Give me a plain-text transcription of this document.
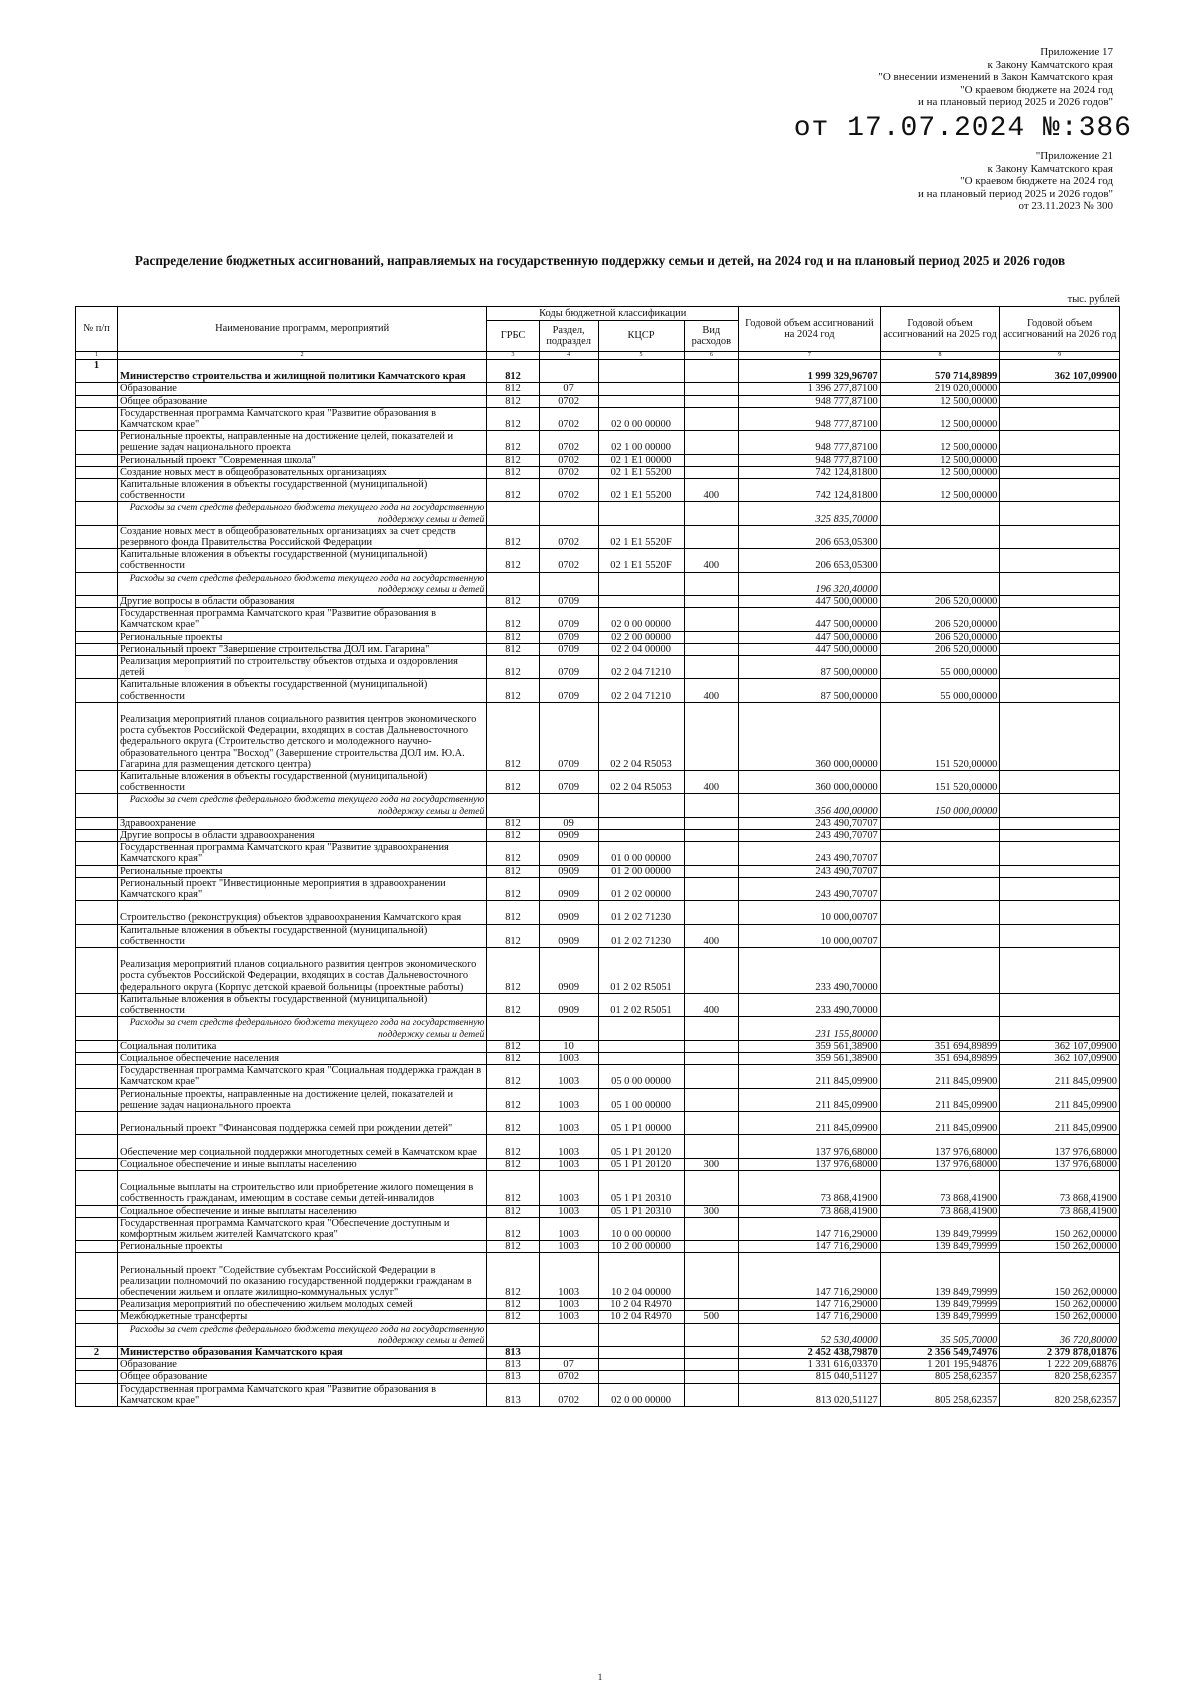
Приложение 17
к Закону Камчатского края
"О внесении изменений в Закон Камчатского края
"О краевом бюджете на 2024 год
и на плановый период 2025 и 2026 годов"
от 17.07.2024 №:386
"Приложение 21
к Закону Камчатского края
"О краевом бюджете на 2024 год
и на плановый период 2025 и 2026 годов"
от 23.11.2023 № 300
Распределение бюджетных ассигнований, направляемых на государственную поддержку семьи и детей, на 2024 год и на плановый период 2025 и 2026 годов
тыс. рублей
№ п/п	Наименование программ, мероприятий	Коды бюджетной классификации				Годовой объем ассигнований на 2024 год	Годовой объем ассигнований на 2025 год	Годовой объем ассигнований на 2026 год
		ГРБС	Раздел, подраздел	КЦСР	Вид расходов			
1	2	3	4	5	6	7	8	9
1	Министерство строительства и жилищной политики Камчатского края	812				1 999 329,96707	570 714,89899	362 107,09900
	Образование	812	07			1 396 277,87100	219 020,00000	
	Общее образование	812	0702			948 777,87100	12 500,00000	
	Государственная программа Камчатского края "Развитие образования в Камчатском крае"	812	0702	02 0 00 00000		948 777,87100	12 500,00000	
	Региональные проекты, направленные на достижение целей, показателей и решение задач национального проекта	812	0702	02 1 00 00000		948 777,87100	12 500,00000	
	Региональный проект "Современная школа"	812	0702	02 1 Е1 00000		948 777,87100	12 500,00000	
	Создание новых мест в общеобразовательных организациях	812	0702	02 1 Е1 55200		742 124,81800	12 500,00000	
	Капитальные вложения в объекты государственной (муниципальной) собственности	812	0702	02 1 Е1 55200	400	742 124,81800	12 500,00000	
	Расходы за счет средств федерального бюджета текущего года на государственную поддержку семьи и детей					325 835,70000		
	Создание новых мест в общеобразовательных организациях за счет средств резервного фонда Правительства Российской Федерации	812	0702	02 1 Е1 5520F		206 653,05300		
	Капитальные вложения в объекты государственной (муниципальной) собственности	812	0702	02 1 Е1 5520F	400	206 653,05300		
	Расходы за счет средств федерального бюджета текущего года на государственную поддержку семьи и детей					196 320,40000		
	Другие вопросы в области образования	812	0709			447 500,00000	206 520,00000	
	Государственная программа Камчатского края "Развитие образования в Камчатском крае"	812	0709	02 0 00 00000		447 500,00000	206 520,00000	
	Региональные проекты	812	0709	02 2 00 00000		447 500,00000	206 520,00000	
	Региональный проект "Завершение строительства ДОЛ им. Гагарина"	812	0709	02 2 04 00000		447 500,00000	206 520,00000	
	Реализация мероприятий по строительству объектов отдыха и оздоровления детей	812	0709	02 2 04 71210		87 500,00000	55 000,00000	
	Капитальные вложения в объекты государственной (муниципальной) собственности	812	0709	02 2 04 71210	400	87 500,00000	55 000,00000	
	Реализация мероприятий планов социального развития центров экономического роста субъектов Российской Федерации, входящих в состав Дальневосточного федерального округа (Строительство детского и молодежного научно-образовательного центра "Восход" (Завершение строительства ДОЛ им. Ю.А. Гагарина для размещения детского центра)	812	0709	02 2 04 R5053		360 000,00000	151 520,00000	
	Капитальные вложения в объекты государственной (муниципальной) собственности	812	0709	02 2 04 R5053	400	360 000,00000	151 520,00000	
	Расходы за счет средств федерального бюджета текущего года на государственную поддержку семьи и детей					356 400,00000	150 000,00000	
	Здравоохранение	812	09			243 490,70707		
	Другие вопросы в области здравоохранения	812	0909			243 490,70707		
	Государственная программа Камчатского края "Развитие здравоохранения Камчатского края"	812	0909	01 0 00 00000		243 490,70707		
	Региональные проекты	812	0909	01 2 00 00000		243 490,70707		
	Региональный проект "Инвестиционные мероприятия в здравоохранении Камчатского края"	812	0909	01 2 02 00000		243 490,70707		
	Строительство (реконструкция) объектов здравоохранения Камчатского края	812	0909	01 2 02 71230		10 000,00707		
	Капитальные вложения в объекты государственной (муниципальной) собственности	812	0909	01 2 02 71230	400	10 000,00707		
	Реализация мероприятий планов социального развития центров экономического роста субъектов Российской Федерации, входящих в состав Дальневосточного федерального округа (Корпус детской краевой больницы (проектные работы)	812	0909	01 2 02 R5051		233 490,70000		
	Капитальные вложения в объекты государственной (муниципальной) собственности	812	0909	01 2 02 R5051	400	233 490,70000		
	Расходы за счет средств федерального бюджета текущего года на государственную поддержку семьи и детей					231 155,80000		
	Социальная политика	812	10			359 561,38900	351 694,89899	362 107,09900
	Социальное обеспечение населения	812	1003			359 561,38900	351 694,89899	362 107,09900
	Государственная программа Камчатского края "Социальная поддержка граждан в Камчатском крае"	812	1003	05 0 00 00000		211 845,09900	211 845,09900	211 845,09900
	Региональные проекты, направленные на достижение целей, показателей и решение задач национального проекта	812	1003	05 1 00 00000		211 845,09900	211 845,09900	211 845,09900
	Региональный проект "Финансовая поддержка семей при рождении детей"	812	1003	05 1 Р1 00000		211 845,09900	211 845,09900	211 845,09900
	Обеспечение мер социальной поддержки многодетных семей в Камчатском крае	812	1003	05 1 Р1 20120		137 976,68000	137 976,68000	137 976,68000
	Социальное обеспечение и иные выплаты населению	812	1003	05 1 Р1 20120	300	137 976,68000	137 976,68000	137 976,68000
	Социальные выплаты на строительство или приобретение жилого помещения в собственность гражданам, имеющим в составе семьи детей-инвалидов	812	1003	05 1 Р1 20310		73 868,41900	73 868,41900	73 868,41900
	Социальное обеспечение и иные выплаты населению	812	1003	05 1 Р1 20310	300	73 868,41900	73 868,41900	73 868,41900
	Государственная программа Камчатского края "Обеспечение доступным и комфортным жильем жителей Камчатского края"	812	1003	10 0 00 00000		147 716,29000	139 849,79999	150 262,00000
	Региональные проекты	812	1003	10 2 00 00000		147 716,29000	139 849,79999	150 262,00000
	Региональный проект "Содействие субъектам Российской Федерации в реализации полномочий по оказанию государственной поддержки гражданам в обеспечении жильем и оплате жилищно-коммунальных услуг"	812	1003	10 2 04 00000		147 716,29000	139 849,79999	150 262,00000
	Реализация мероприятий по обеспечению жильем молодых семей	812	1003	10 2 04 R4970		147 716,29000	139 849,79999	150 262,00000
	Межбюджетные трансферты	812	1003	10 2 04 R4970	500	147 716,29000	139 849,79999	150 262,00000
	Расходы за счет средств федерального бюджета текущего года на государственную поддержку семьи и детей					52 530,40000	35 505,70000	36 720,80000
2	Министерство образования Камчатского края	813				2 452 438,79870	2 356 549,74976	2 379 878,01876
	Образование	813	07			1 331 616,03370	1 201 195,94876	1 222 209,68876
	Общее образование	813	0702			815 040,51127	805 258,62357	820 258,62357
	Государственная программа Камчатского края "Развитие образования в Камчатском крае"	813	0702	02 0 00 00000		813 020,51127	805 258,62357	820 258,62357
1
